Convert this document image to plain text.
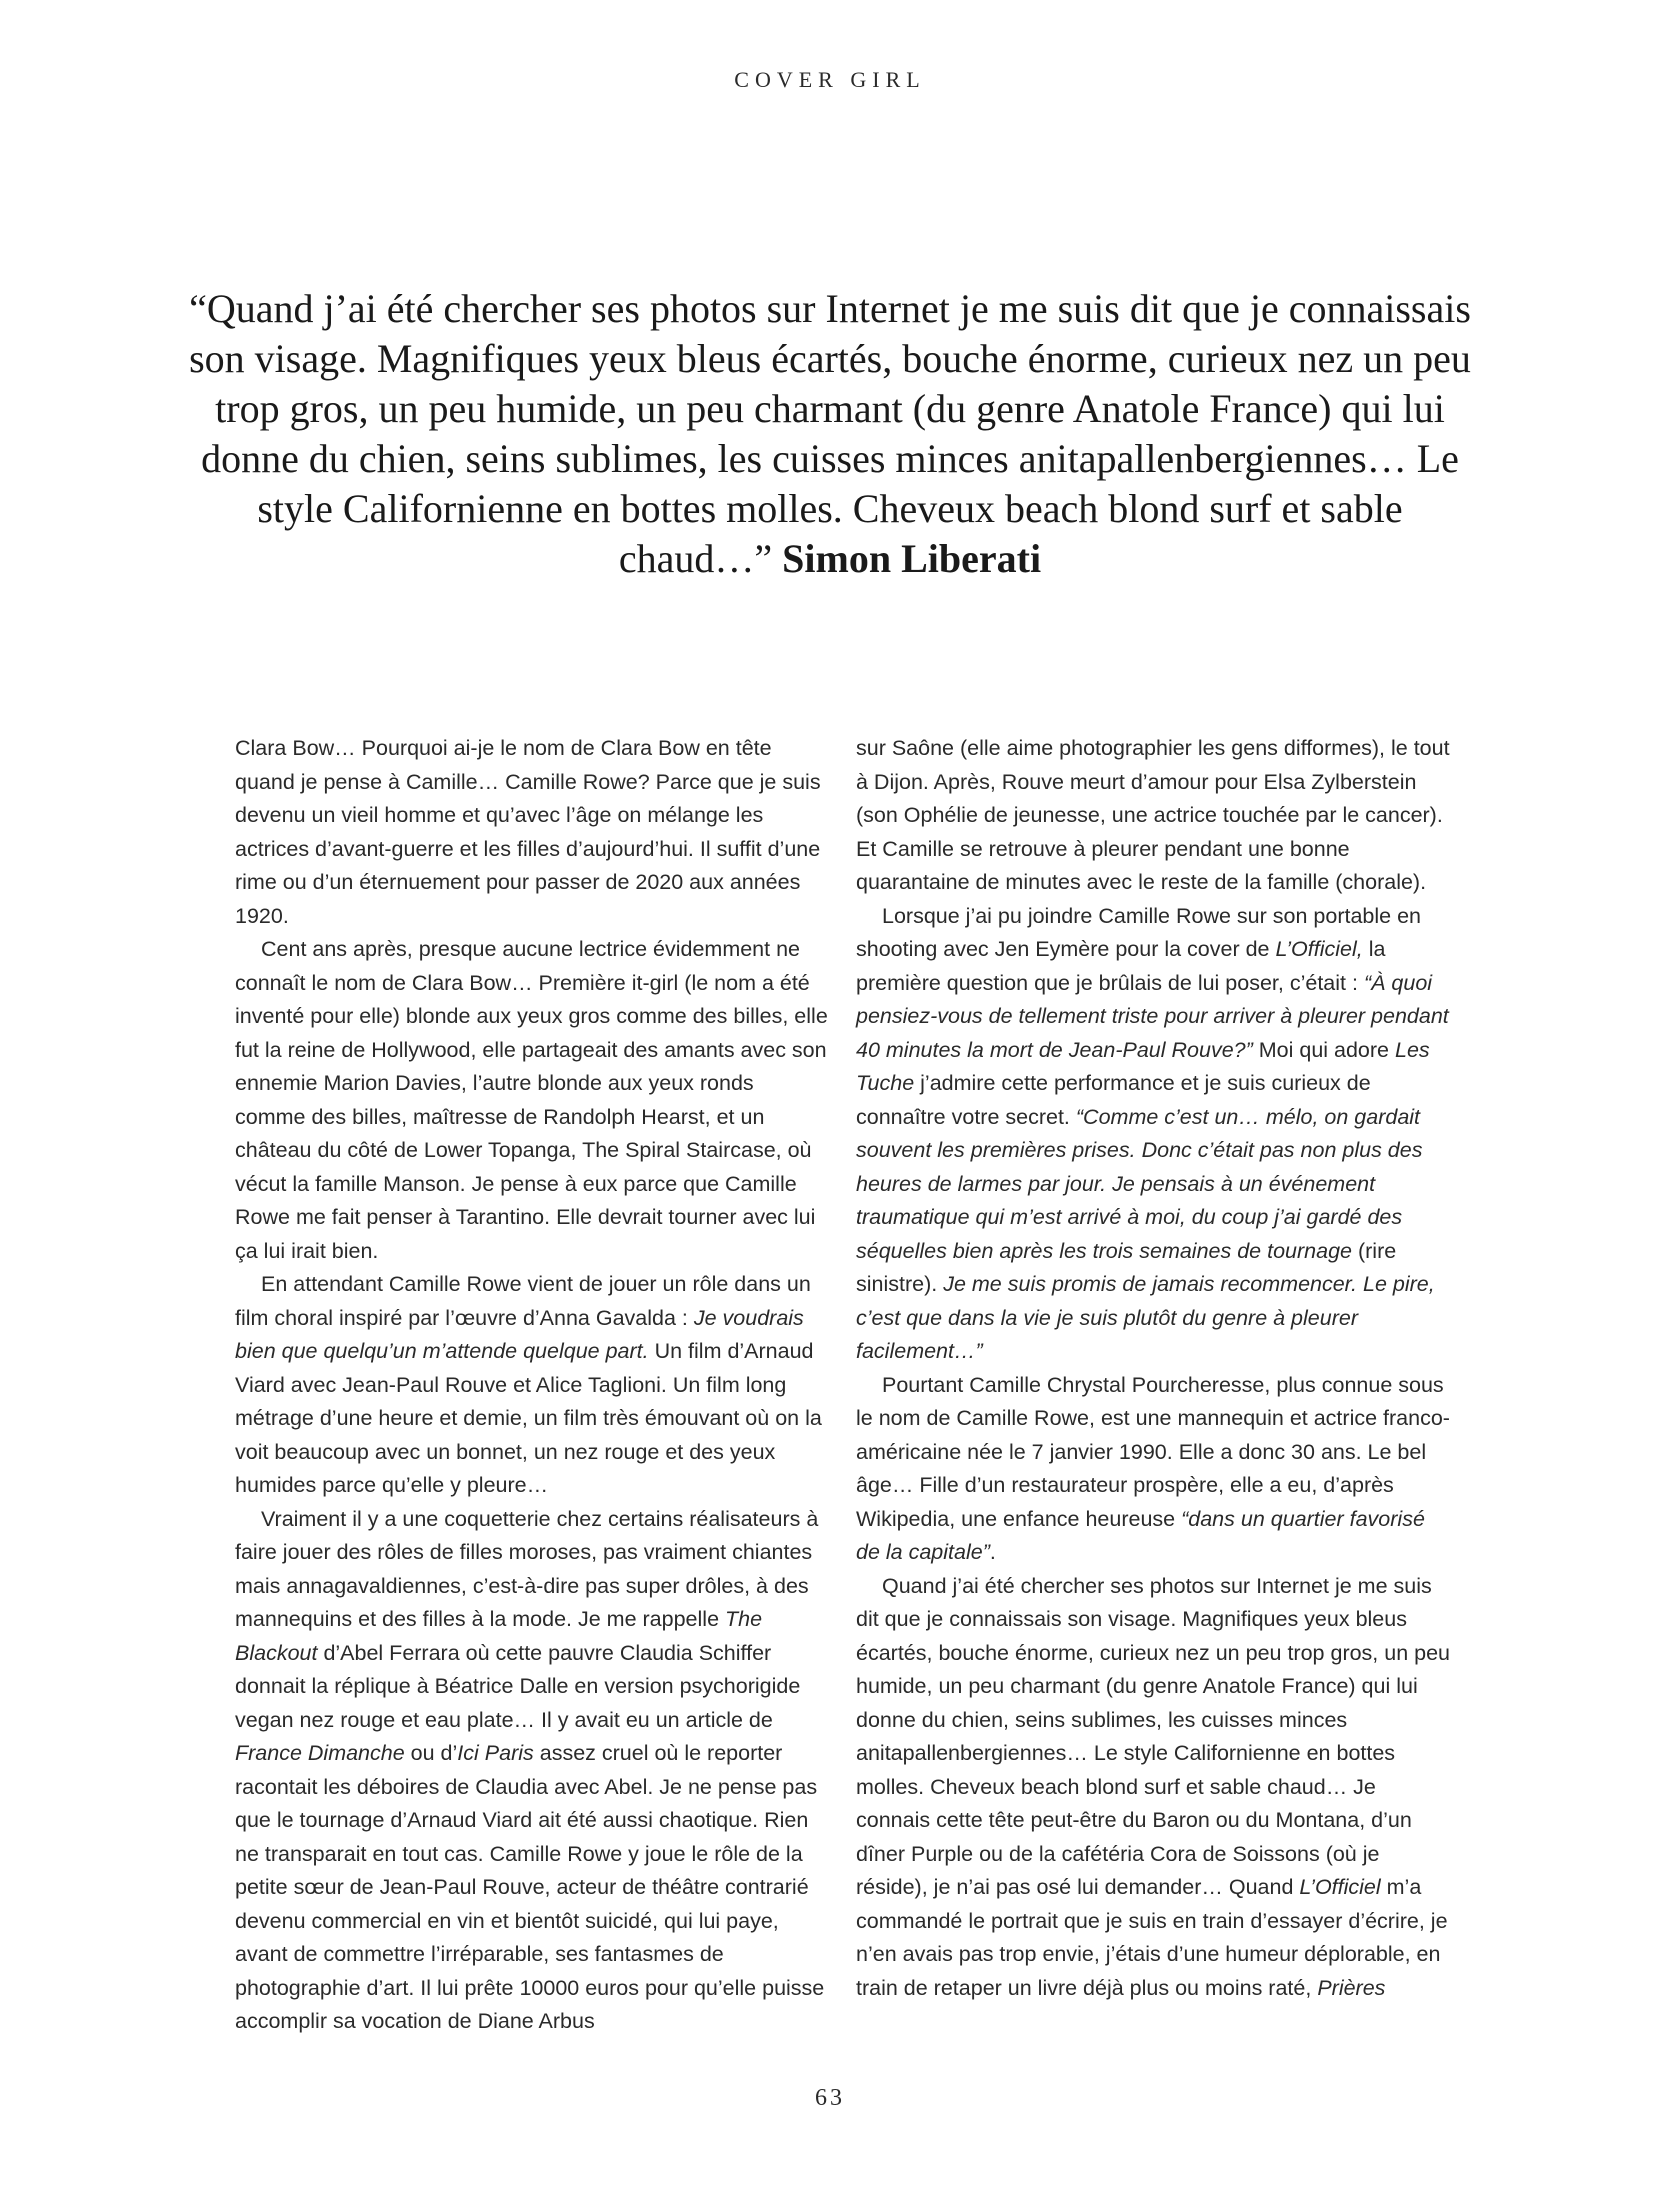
COVER GIRL
“Quand j’ai été chercher ses photos sur Internet je me suis dit que je connaissais son visage. Magnifiques yeux bleus écartés, bouche énorme, curieux nez un peu trop gros, un peu humide, un peu charmant (du genre Anatole France) qui lui donne du chien, seins sublimes, les cuisses minces anitapallenbergiennes… Le style Californienne en bottes molles. Cheveux beach blond surf et sable chaud…” Simon Liberati

Clara Bow… Pourquoi ai-je le nom de Clara Bow en tête quand je pense à Camille… Camille Rowe? Parce que je suis devenu un vieil homme et qu’avec l’âge on mélange les actrices d’avant-guerre et les filles d’aujourd’hui. Il suffit d’une rime ou d’un éternuement pour passer de 2020 aux années 1920.

Cent ans après, presque aucune lectrice évidemment ne connaît le nom de Clara Bow… Première it-girl (le nom a été inventé pour elle) blonde aux yeux gros comme des billes, elle fut la reine de Hollywood, elle partageait des amants avec son ennemie Marion Davies, l’autre blonde aux yeux ronds comme des billes, maîtresse de Randolph Hearst, et un château du côté de Lower Topanga, The Spiral Staircase, où vécut la famille Manson. Je pense à eux parce que Camille Rowe me fait penser à Tarantino. Elle devrait tourner avec lui ça lui irait bien.

En attendant Camille Rowe vient de jouer un rôle dans un film choral inspiré par l’œuvre d’Anna Gavalda : Je voudrais bien que quelqu’un m’attende quelque part. Un film d’Arnaud Viard avec Jean-Paul Rouve et Alice Taglioni. Un film long métrage d’une heure et demie, un film très émouvant où on la voit beaucoup avec un bonnet, un nez rouge et des yeux humides parce qu’elle y pleure…

Vraiment il y a une coquetterie chez certains réalisateurs à faire jouer des rôles de filles moroses, pas vraiment chiantes mais annagavaldiennes, c’est-à-dire pas super drôles, à des mannequins et des filles à la mode. Je me rappelle The Blackout d’Abel Ferrara où cette pauvre Claudia Schiffer donnait la réplique à Béatrice Dalle en version psychorigide vegan nez rouge et eau plate… Il y avait eu un article de France Dimanche ou d’Ici Paris assez cruel où le reporter racontait les déboires de Claudia avec Abel. Je ne pense pas que le tournage d’Arnaud Viard ait été aussi chaotique. Rien ne transparait en tout cas. Camille Rowe y joue le rôle de la petite sœur de Jean-Paul Rouve, acteur de théâtre contrarié devenu commercial en vin et bientôt suicidé, qui lui paye, avant de commettre l’irréparable, ses fantasmes de photographie d’art. Il lui prête 10000 euros pour qu’elle puisse accomplir sa vocation de Diane Arbus

sur Saône (elle aime photographier les gens difformes), le tout à Dijon. Après, Rouve meurt d’amour pour Elsa Zylberstein (son Ophélie de jeunesse, une actrice touchée par le cancer). Et Camille se retrouve à pleurer pendant une bonne quarantaine de minutes avec le reste de la famille (chorale).

Lorsque j’ai pu joindre Camille Rowe sur son portable en shooting avec Jen Eymère pour la cover de L’Officiel, la première question que je brûlais de lui poser, c’était : “À quoi pensiez-vous de tellement triste pour arriver à pleurer pendant 40 minutes la mort de Jean-Paul Rouve?” Moi qui adore Les Tuche j’admire cette performance et je suis curieux de connaître votre secret. “Comme c’est un… mélo, on gardait souvent les premières prises. Donc c’était pas non plus des heures de larmes par jour. Je pensais à un événement traumatique qui m’est arrivé à moi, du coup j’ai gardé des séquelles bien après les trois semaines de tournage (rire sinistre). Je me suis promis de jamais recommencer. Le pire, c’est que dans la vie je suis plutôt du genre à pleurer facilement…”

Pourtant Camille Chrystal Pourcheresse, plus connue sous le nom de Camille Rowe, est une mannequin et actrice franco-américaine née le 7 janvier 1990. Elle a donc 30 ans. Le bel âge… Fille d’un restaurateur prospère, elle a eu, d’après Wikipedia, une enfance heureuse “dans un quartier favorisé de la capitale”.

Quand j’ai été chercher ses photos sur Internet je me suis dit que je connaissais son visage. Magnifiques yeux bleus écartés, bouche énorme, curieux nez un peu trop gros, un peu humide, un peu charmant (du genre Anatole France) qui lui donne du chien, seins sublimes, les cuisses minces anitapallenbergiennes… Le style Californienne en bottes molles. Cheveux beach blond surf et sable chaud… Je connais cette tête peut-être du Baron ou du Montana, d’un dîner Purple ou de la cafétéria Cora de Soissons (où je réside), je n’ai pas osé lui demander… Quand L’Officiel m’a commandé le portrait que je suis en train d’essayer d’écrire, je n’en avais pas trop envie, j’étais d’une humeur déplorable, en train de retaper un livre déjà plus ou moins raté, Prières

63
